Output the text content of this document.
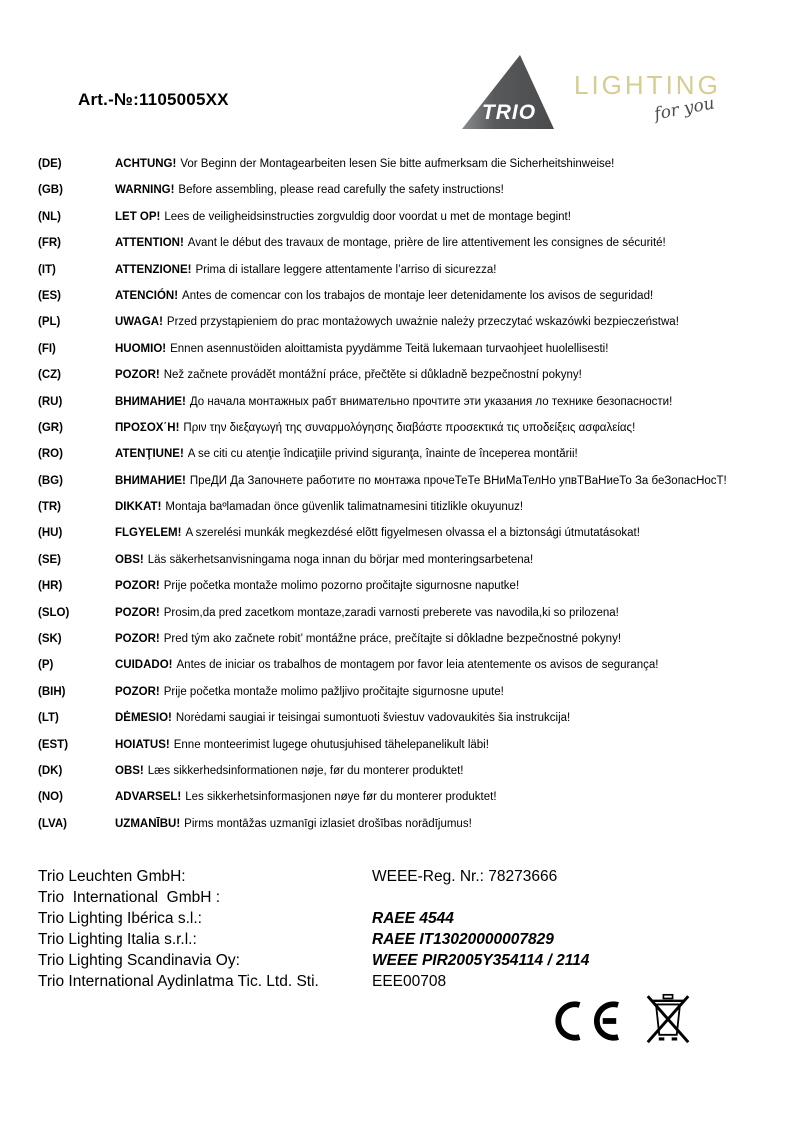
Art.-№:1105005XX
TRIO
LIGHTING
for you
(DE)	ACHTUNG! Vor Beginn der Montagearbeiten lesen Sie bitte aufmerksam die Sicherheitshinweise!
(GB)	WARNING! Before assembling, please read carefully the safety instructions!
(NL)	LET OP! Lees de veiligheidsinstructies zorgvuldig door voordat u met de montage begint!
(FR)	ATTENTION! Avant le début des travaux de montage, prière de lire attentivement les consignes de sécurité!
(IT)	ATTENZIONE! Prima di istallare leggere attentamente l’arriso di sicurezza!
(ES)	ATENCIÓN! Antes de comencar con los trabajos de montaje leer detenidamente los avisos de seguridad!
(PL)	UWAGA! Przed przystąpieniem do prac montażowych uważnie należy przeczytać wskazówki bezpieczeństwa!
(FI)	HUOMIO! Ennen asennustöiden aloittamista pyydämme Teitä lukemaan turvaohjeet huolellisesti!
(CZ)	POZOR! Než začnete provádět montážní práce, přečtěte si důkladně bezpečnostní pokyny!
(RU)	ВНИМАНИЕ! До начала монтажных рабт внимательно прочтите эти указания ло технике безопасности!
(GR)	ΠΡΟΣΟΧ΄Η! Πριν την διεξαγωγή της συναρμολόγησης διαβάστε προσεκτικά τις υποδείξεις ασφαλείας!
(RO)	ATENŢIUNE! A se citi cu atenţie îndicaţiile privind siguranţa, înainte de începerea montării!
(BG)	ВНИМАНИЕ! ПреДИ Да Започнете работите по монтажа прочеТеТе ВНиМаТелНо упвТВаНиеТо За беЗопасНосТ!
(TR)	DIKKAT! Montaja baºlamadan önce güvenlik talimatnamesini titizlikle okuyunuz!
(HU)	FLGYELEM! A szerelési munkák megkezdésé elõtt figyelmesen olvassa el a biztonsági útmutatásokat!
(SE)	OBS! Läs säkerhetsanvisningama noga innan du börjar med monteringsarbetena!
(HR)	POZOR! Prije početka montaže molimo pozorno pročitajte sigurnosne naputke!
(SLO)	POZOR! Prosim,da pred zacetkom montaze,zaradi varnosti preberete vas navodila,ki so prilozena!
(SK)	POZOR! Pred tým ako začnete robit’ montážne práce, prečítajte si dôkladne bezpečnostné pokyny!
(P)	CUIDADO! Antes de iniciar os trabalhos de montagem por favor leia atentemente os avisos de segurança!
(BIH)	POZOR! Prije početka montaže molimo pažljivo pročitajte sigurnosne upute!
(LT)	DĖMESIO! Norėdami saugiai ir teisingai sumontuoti šviestuv vadovaukitės šia instrukcija!
(EST)	HOIATUS! Enne monteerimist lugege ohutusjuhised tähelepanelikult läbi!
(DK)	OBS! Læs sikkerhedsinformationen nøje, før du monterer produktet!
(NO)	ADVARSEL! Les sikkerhetsinformasjonen nøye før du monterer produktet!
(LVA)	UZMANĪBU! Pirms montāžas uzmanīgi izlasiet drošības norādījumus!
Trio Leuchten GmbH:	WEEE-Reg. Nr.: 78273666
Trio  International  GmbH :
Trio Lighting Ibérica s.l.:	RAEE 4544
Trio Lighting Italia s.r.l.:	RAEE IT13020000007829
Trio Lighting Scandinavia Oy:	WEEE PIR2005Y354114 / 2114
Trio International Aydinlatma Tic. Ltd. Sti.	EEE00708
